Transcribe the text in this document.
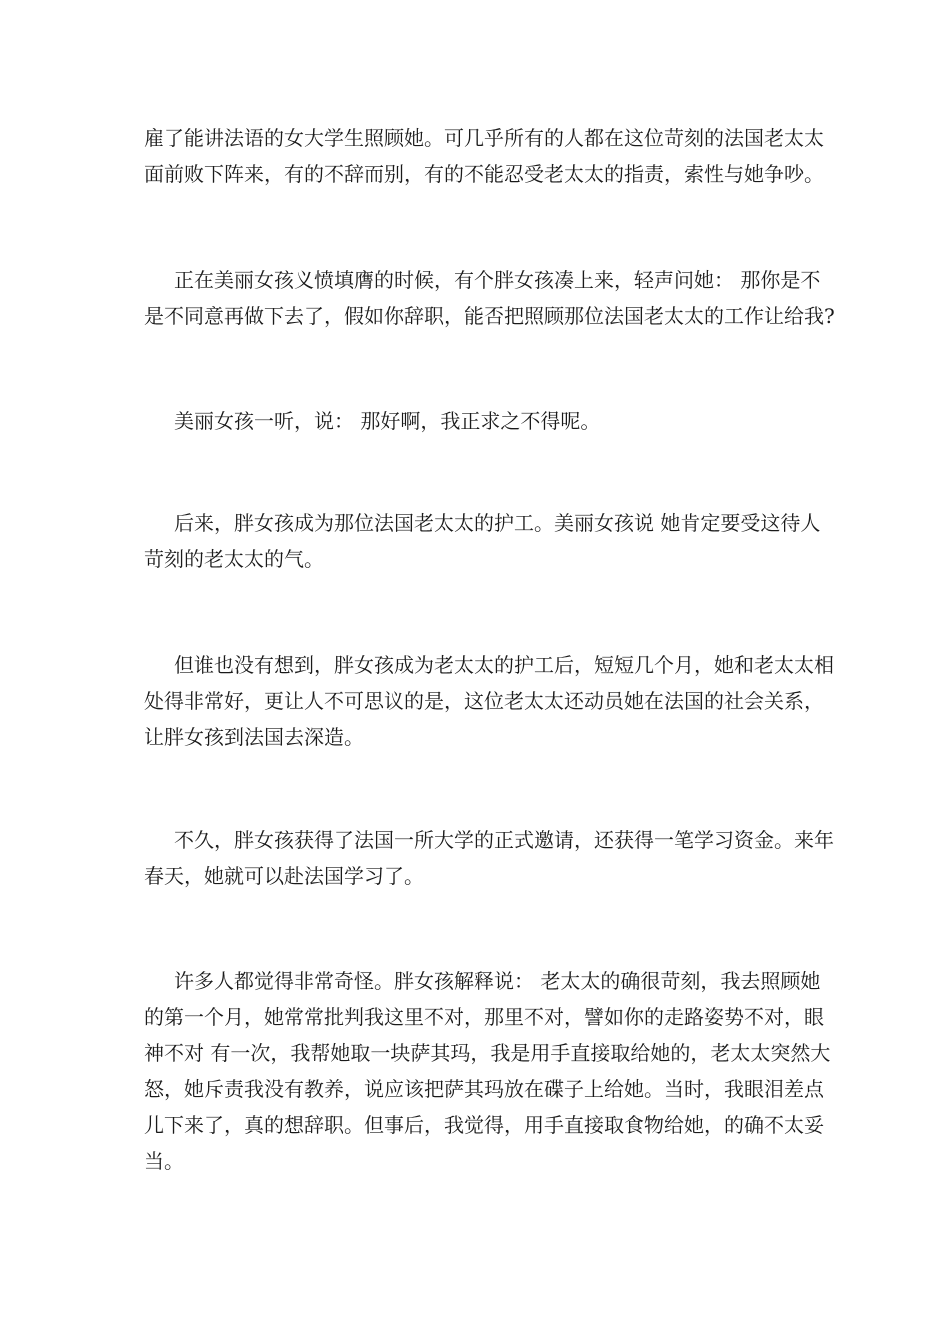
雇了能讲法语的女大学生照顾她。可几乎所有的人都在这位苛刻的法国老太太
面前败下阵来，有的不辞而别，有的不能忍受老太太的指责，索性与她争吵。
正在美丽女孩义愤填膺的时候，有个胖女孩凑上来，轻声问她： 那你是不
是不同意再做下去了，假如你辞职，能否把照顾那位法国老太太的工作让给我?
美丽女孩一听，说： 那好啊，我正求之不得呢。
后来，胖女孩成为那位法国老太太的护工。美丽女孩说 她肯定要受这待人
苛刻的老太太的气。
但谁也没有想到，胖女孩成为老太太的护工后，短短几个月，她和老太太相
处得非常好，更让人不可思议的是，这位老太太还动员她在法国的社会关系，
让胖女孩到法国去深造。
不久，胖女孩获得了法国一所大学的正式邀请，还获得一笔学习资金。来年
春天，她就可以赴法国学习了。
许多人都觉得非常奇怪。胖女孩解释说： 老太太的确很苛刻，我去照顾她
的第一个月，她常常批判我这里不对，那里不对，譬如你的走路姿势不对，眼
神不对 有一次，我帮她取一块萨其玛，我是用手直接取给她的，老太太突然大
怒，她斥责我没有教养，说应该把萨其玛放在碟子上给她。当时，我眼泪差点
儿下来了，真的想辞职。但事后，我觉得，用手直接取食物给她，的确不太妥
当。
